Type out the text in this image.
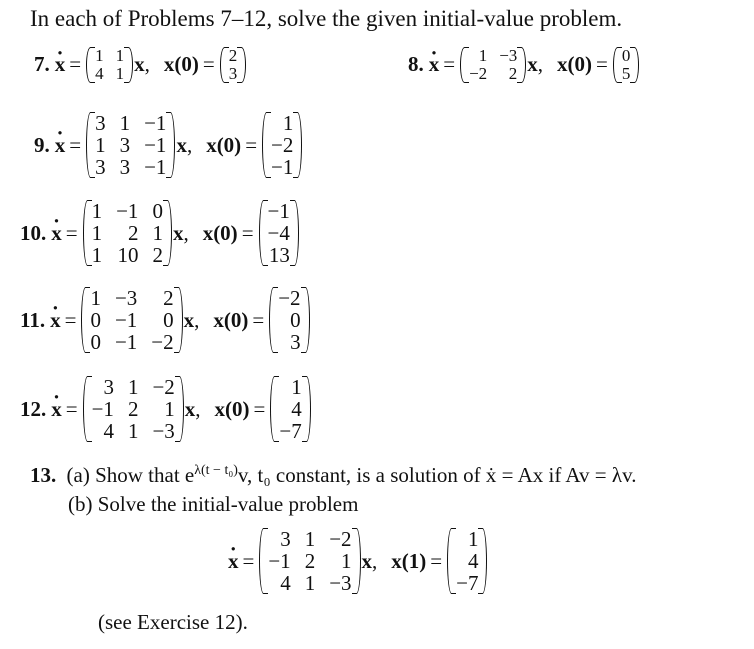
In each of Problems 7–12, solve the given initial-value problem.
7. · x = 1 1
4 1 x , x(0) = 2
3	8. · x =	1 −3
−2	2 x , x(0) = 0
5
9. · x =
3 1 −1
1 3 −1
3 3 −1
x , x(0) =
1
−2
−1
10. · x =
1 −1 0
1	2 1
1 10 2
x , x(0) =
−1
−4
13
11. · x =
1 −3	2
0 −1	0
0 −1 −2
x , x(0) =
−2
0
3
12. · x =
3 1 −2
−1 2	1
4 1 −3
x , x(0) =
1
4
−7
13. (a) Show that $e^{\lambda(t - t_0)}v$, t₀ constant, is a solution of ẋ = Ax if Av = λv.
(b) Solve the initial-value problem
· x =
3 1 −2
−1 2	1
4 1 −3
x , x(1) =
1
4
−7
(see Exercise 12).
